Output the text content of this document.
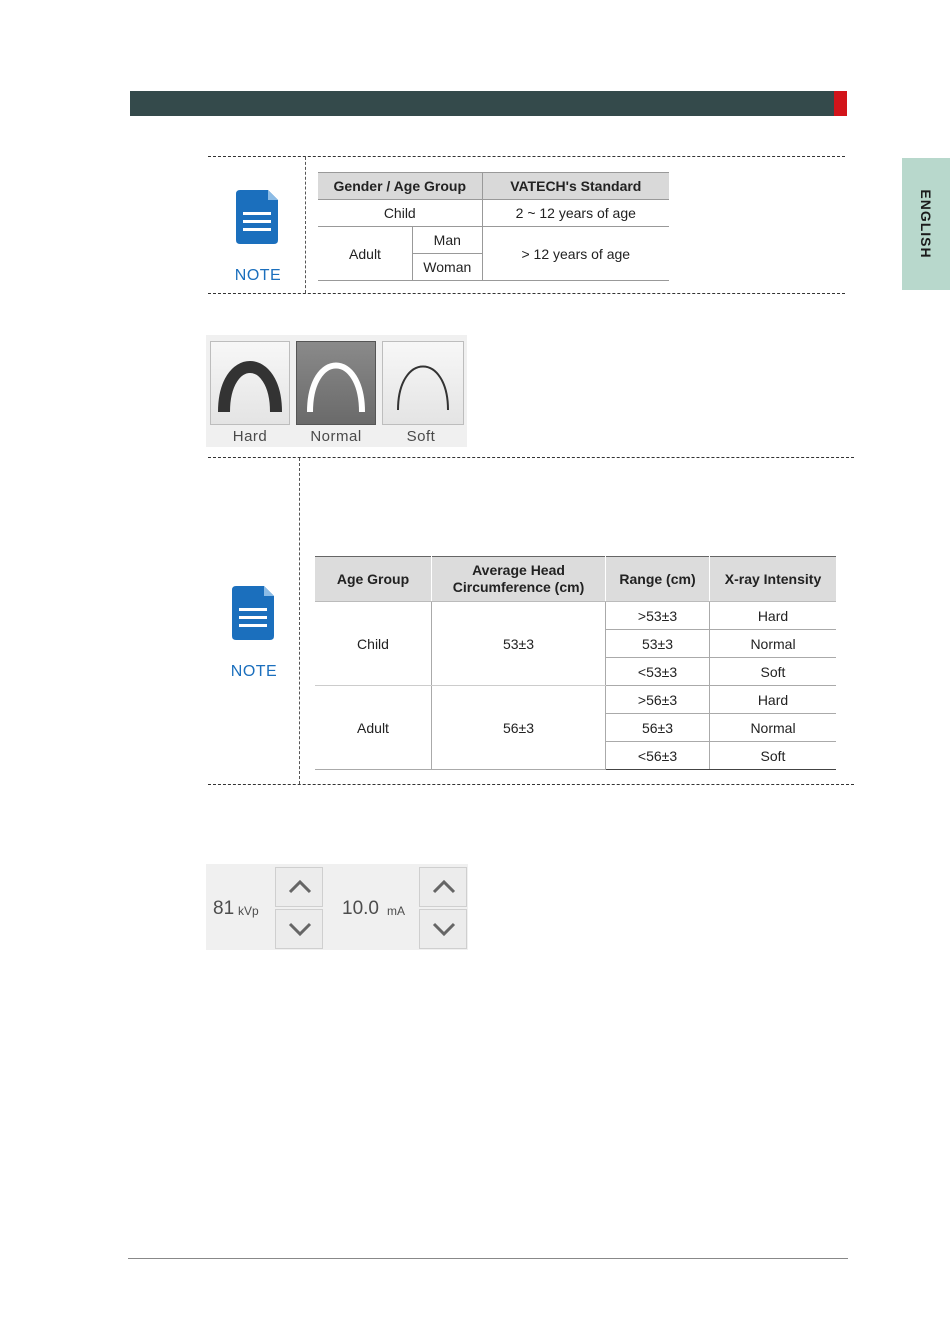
ENGLISH
NOTE
Gender / Age Group		VATECH's Standard
Child		2 ~ 12 years of age
Adult	Man	> 12 years of age
	Woman	
Hard	Normal	Soft
NOTE
Age Group	Average Head Circumference (cm)	Range (cm)	X-ray Intensity
Child	53±3	>53±3	Hard
		53±3	Normal
		<53±3	Soft
Adult	56±3	>56±3	Hard
		56±3	Normal
		<56±3	Soft
81 kVp	10.0 mA
